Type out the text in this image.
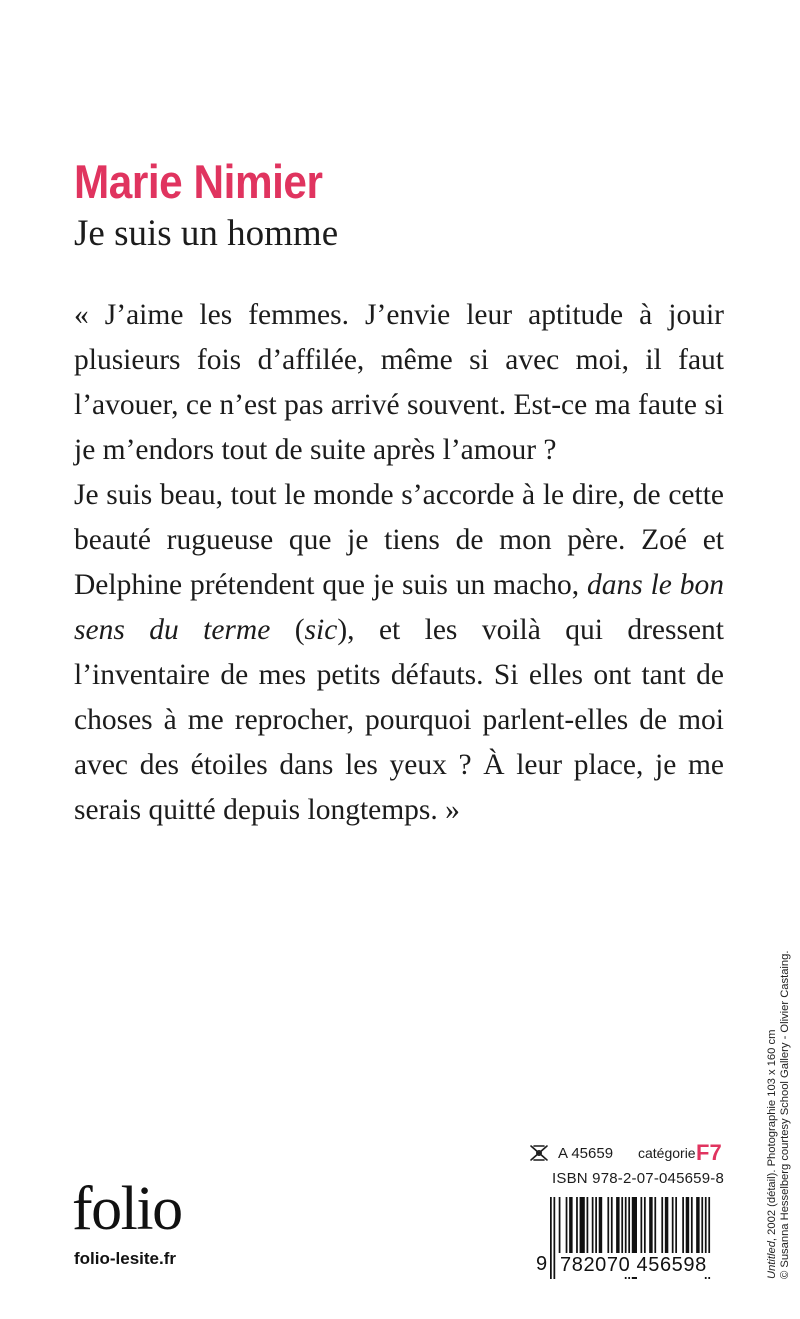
Marie Nimier
Je suis un homme

« J’aime les femmes. J’envie leur aptitude à jouir plusieurs fois d’affilée, même si avec moi, il faut l’avouer, ce n’est pas arrivé souvent. Est-ce ma faute si je m’endors tout de suite après l’amour ?

Je suis beau, tout le monde s’accorde à le dire, de cette beauté rugueuse que je tiens de mon père. Zoé et Delphine prétendent que je suis un macho, dans le bon sens du terme (sic), et les voilà qui dressent l’inventaire de mes petits défauts. Si elles ont tant de choses à me reprocher, pourquoi parlent-elles de moi avec des étoiles dans les yeux ? À leur place, je me serais quitté depuis longtemps. »

Untitled, 2002 (détail). Photographie 103 x 160 cm © Susanna Hesselberg courtesy School Gallery - Olivier Castaing.
folio
folio-lesite.fr
A 45659 catégorie F7
ISBN 978-2-07-045659-8
9 782070 456598
